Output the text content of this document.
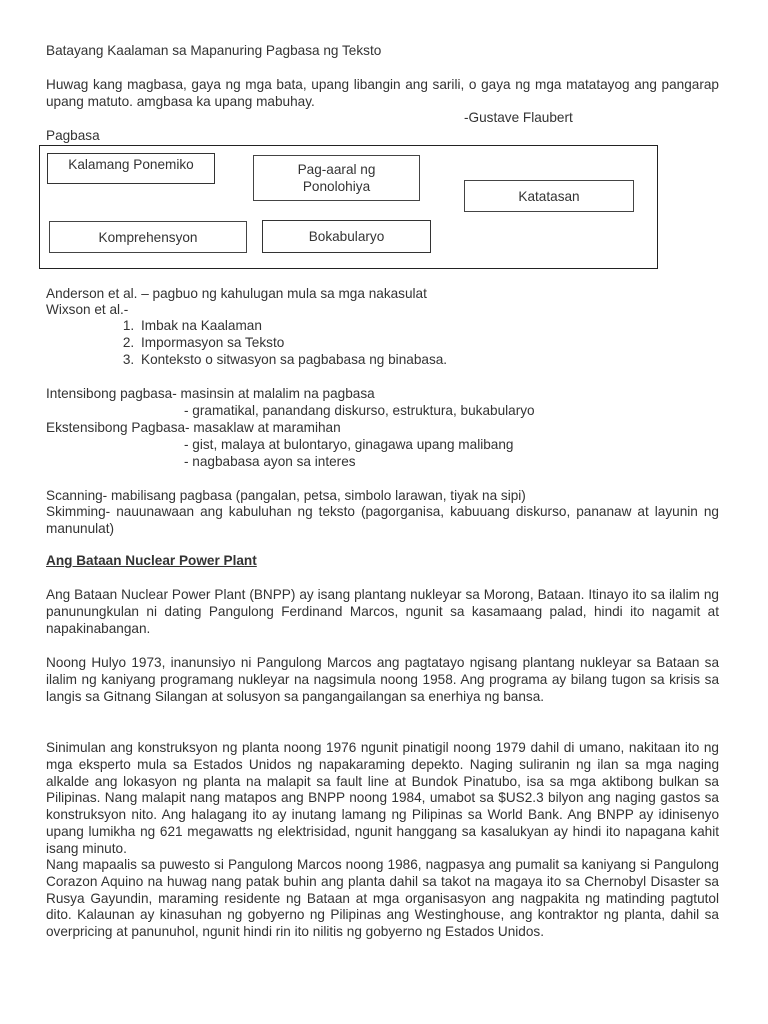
Batayang Kaalaman sa Mapanuring Pagbasa ng Teksto
Huwag kang magbasa, gaya ng mga bata, upang libangin ang sarili, o gaya ng mga matatayog ang pangarap upang matuto. amgbasa ka upang mabuhay.
-Gustave Flaubert
Pagbasa
Anderson et al. – pagbuo ng kahulugan mula sa mga nakasulat
Wixson et al.-
1. Imbak na Kaalaman
2. Impormasyon sa Teksto
3. Konteksto o sitwasyon sa pagbabasa ng binabasa.
Intensibong pagbasa- masinsin at malalim na pagbasa
- gramatikal, panandang diskurso, estruktura, bukabularyo
Ekstensibong Pagbasa- masaklaw at maramihan
- gist, malaya at bulontaryo, ginagawa upang malibang
- nagbabasa ayon sa interes
Scanning- mabilisang pagbasa (pangalan, petsa, simbolo larawan, tiyak na sipi)
Skimming- nauunawaan ang kabuluhan ng teksto (pagorganisa, kabuuang diskurso, pananaw at layunin ng manunulat)
Ang Bataan Nuclear Power Plant
Ang Bataan Nuclear Power Plant (BNPP) ay isang plantang nukleyar sa Morong, Bataan. Itinayo ito sa ilalim ng panunungkulan ni dating Pangulong Ferdinand Marcos, ngunit sa kasamaang palad, hindi ito nagamit at napakinabangan.
Noong Hulyo 1973, inanunsiyo ni Pangulong Marcos ang pagtatayo ngisang plantang nukleyar sa Bataan sa ilalim ng kaniyang programang nukleyar na nagsimula noong 1958. Ang programa ay bilang tugon sa krisis sa langis sa Gitnang Silangan at solusyon sa pangangailangan sa enerhiya ng bansa.
Sinimulan ang konstruksyon ng planta noong 1976 ngunit pinatigil noong 1979 dahil di umano, nakitaan ito ng mga eksperto mula sa Estados Unidos ng napakaraming depekto. Naging suliranin ng ilan sa mga naging alkalde ang lokasyon ng planta na malapit sa fault line at Bundok Pinatubo, isa sa mga aktibong bulkan sa Pilipinas. Nang malapit nang matapos ang BNPP noong 1984, umabot sa $US2.3 bilyon ang naging gastos sa konstruksyon nito. Ang halagang ito ay inutang lamang ng Pilipinas sa World Bank. Ang BNPP ay idinisenyo upang lumikha ng 621 megawatts ng elektrisidad, ngunit hanggang sa kasalukyan ay hindi ito napagana kahit isang minuto.
Nang mapaalis sa puwesto si Pangulong Marcos noong 1986, nagpasya ang pumalit sa kaniyang si Pangulong Corazon Aquino na huwag nang patak buhin ang planta dahil sa takot na magaya ito sa Chernobyl Disaster sa Rusya Gayundin, maraming residente ng Bataan at mga organisasyon ang nagpakita ng matinding pagtutol dito. Kalaunan ay kinasuhan ng gobyerno ng Pilipinas ang Westinghouse, ang kontraktor ng planta, dahil sa overpricing at panunuhol, ngunit hindi rin ito nilitis ng gobyerno ng Estados Unidos.
Kalamang Ponemiko	Pag-aaral ng Ponolohiya
Katatasan
Komprehensyon	Bokabularyo
